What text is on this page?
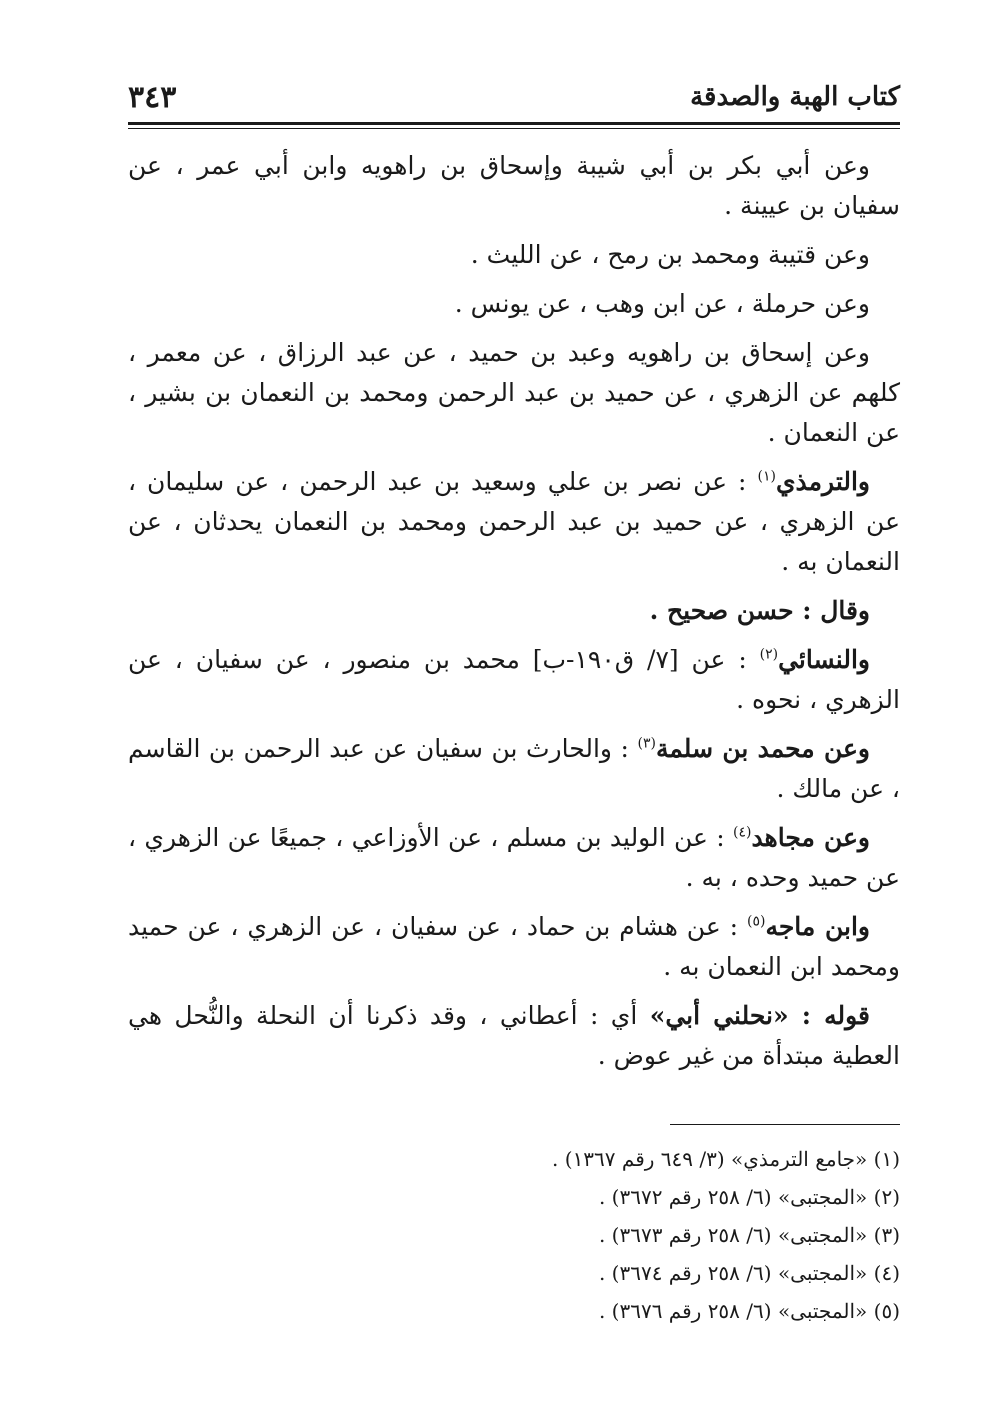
كتاب الهبة والصدقة
٣٤٣

وعن أبي بكر بن أبي شيبة وإسحاق بن راهويه وابن أبي عمر ، عن سفيان بن عيينة .

وعن قتيبة ومحمد بن رمح ، عن الليث .

وعن حرملة ، عن ابن وهب ، عن يونس .

وعن إسحاق بن راهويه وعبد بن حميد ، عن عبد الرزاق ، عن معمر ، كلهم عن الزهري ، عن حميد بن عبد الرحمن ومحمد بن النعمان بن بشير ، عن النعمان .

والترمذي$^{(١)}$ : عن نصر بن علي وسعيد بن عبد الرحمن ، عن سليمان ، عن الزهري ، عن حميد بن عبد الرحمن ومحمد بن النعمان يحدثان ، عن النعمان به .

وقال : حسن صحيح .

والنسائي$^{(٢)}$ : عن [٧/ ق١٩٠-ب] محمد بن منصور ، عن سفيان ، عن الزهري ، نحوه .

وعن محمد بن سلمة$^{(٣)}$ : والحارث بن سفيان عن عبد الرحمن بن القاسم ، عن مالك .

وعن مجاهد$^{(٤)}$ : عن الوليد بن مسلم ، عن الأوزاعي ، جميعًا عن الزهري ، عن حميد وحده ، به .

وابن ماجه$^{(٥)}$ : عن هشام بن حماد ، عن سفيان ، عن الزهري ، عن حميد ومحمد ابن النعمان به .

قوله : «نحلني أبي» أي : أعطاني ، وقد ذكرنا أن النحلة والنُّحل هي العطية مبتدأة من غير عوض .

(١) «جامع الترمذي» (٣/ ٦٤٩ رقم ١٣٦٧) .

(٢) «المجتبى» (٦/ ٢٥٨ رقم ٣٦٧٢) .

(٣) «المجتبى» (٦/ ٢٥٨ رقم ٣٦٧٣) .

(٤) «المجتبى» (٦/ ٢٥٨ رقم ٣٦٧٤) .

(٥) «المجتبى» (٦/ ٢٥٨ رقم ٣٦٧٦) .
